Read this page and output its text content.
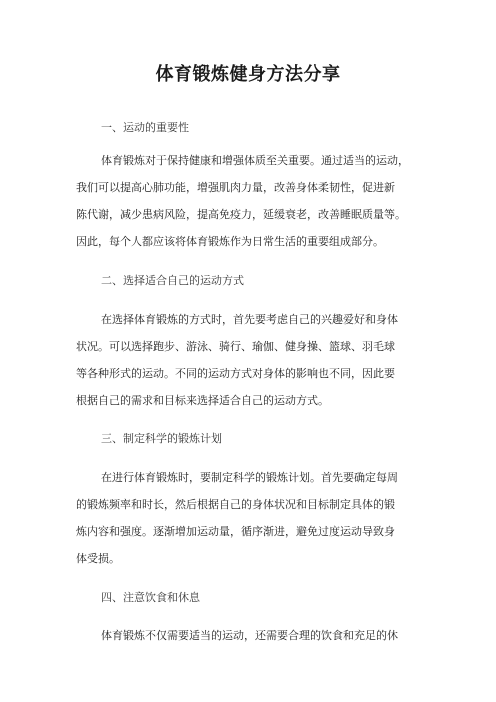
体育锻炼健身方法分享
一、运动的重要性
体育锻炼对于保持健康和增强体质至关重要。通过适当的运动，
我们可以提高心肺功能，增强肌肉力量，改善身体柔韧性，促进新
陈代谢，减少患病风险，提高免疫力，延缓衰老，改善睡眠质量等。
因此，每个人都应该将体育锻炼作为日常生活的重要组成部分。
二、选择适合自己的运动方式
在选择体育锻炼的方式时，首先要考虑自己的兴趣爱好和身体
状况。可以选择跑步、游泳、骑行、瑜伽、健身操、篮球、羽毛球
等各种形式的运动。不同的运动方式对身体的影响也不同，因此要
根据自己的需求和目标来选择适合自己的运动方式。
三、制定科学的锻炼计划
在进行体育锻炼时，要制定科学的锻炼计划。首先要确定每周
的锻炼频率和时长，然后根据自己的身体状况和目标制定具体的锻
炼内容和强度。逐渐增加运动量，循序渐进，避免过度运动导致身
体受损。
四、注意饮食和休息
体育锻炼不仅需要适当的运动，还需要合理的饮食和充足的休
